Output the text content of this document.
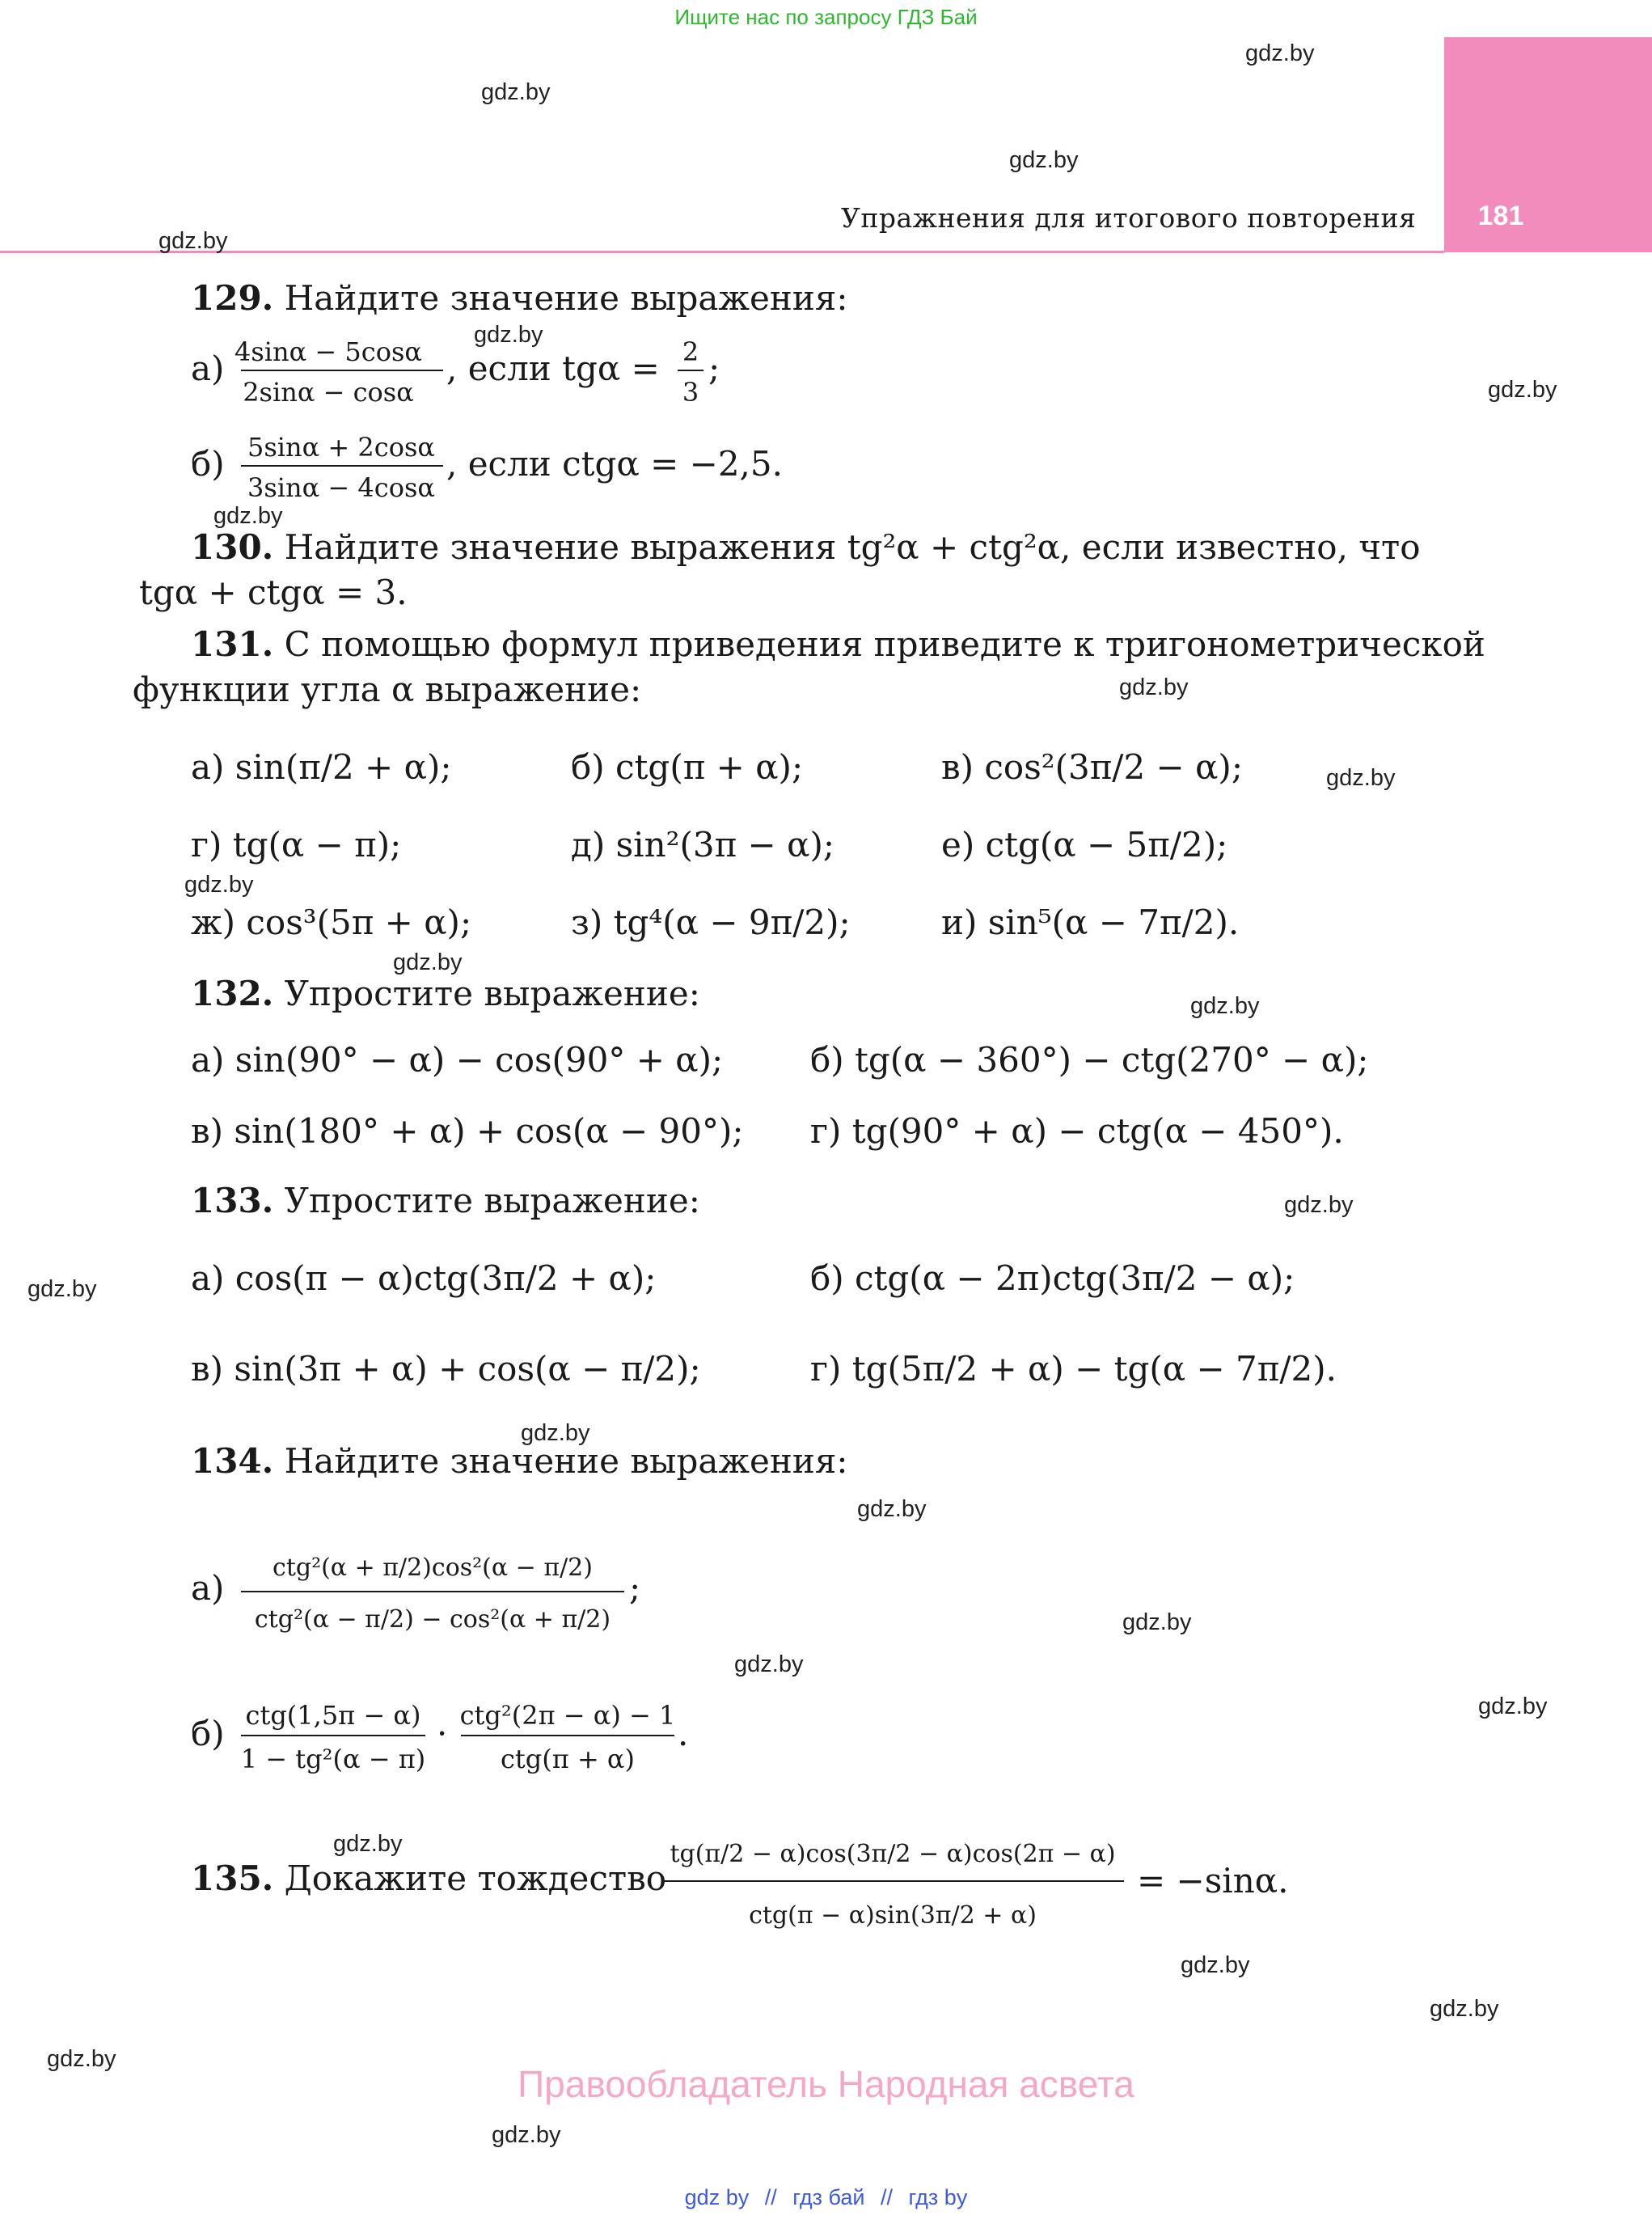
Ищите нас по запросу ГДЗ Бай
181
Упражнения для итогового повторения
gdz.by
gdz.by
gdz.by
gdz.by
gdz.by
gdz.by
gdz.by
gdz.by
gdz.by
gdz.by
gdz.by
gdz.by
gdz.by
gdz.by
gdz.by
gdz.by
gdz.by
gdz.by
gdz.by
gdz.by
gdz.by
gdz.by
gdz.by
gdz.by
129. Найдите значение выражения:
а) 4sinα − 5cosα
2sinα − cosα
, если tgα = 2
3
;
б) 5sinα + 2cosα
3sinα − 4cosα
, если ctgα = −2,5.
130. Найдите значение выражения tg²α + ctg²α, если известно, что
tgα + ctgα = 3.
131. С помощью формул приведения приведите к тригонометрической
функции угла α выражение:
а) sin(π/2 + α);	б) ctg(π + α);	в) cos²(3π/2 − α);
г) tg(α − π);	д) sin²(3π − α);	е) ctg(α − 5π/2);
ж) cos³(5π + α);	з) tg⁴(α − 9π/2);	и) sin⁵(α − 7π/2).
132. Упростите выражение:
а) sin(90° − α) − cos(90° + α);	б) tg(α − 360°) − ctg(270° − α);
в) sin(180° + α) + cos(α − 90°); г) tg(90° + α) − ctg(α − 450°).
133. Упростите выражение:
а) cos(π − α)ctg(3π/2 + α);	б) ctg(α − 2π)ctg(3π/2 − α);
в) sin(3π + α) + cos(α − π/2);	г) tg(5π/2 + α) − tg(α − 7π/2).
134. Найдите значение выражения:
а)
ctg²(α + π/2)cos²(α − π/2)
ctg²(α − π/2) − cos²(α + π/2)
;
б) ctg(1,5π − α)
1 − tg²(α − π)
· ctg²(2π − α) − 1
ctg(π + α)
.
135. Докажите тождество
tg(π/2 − α)cos(3π/2 − α)cos(2π − α)
ctg(π − α)sin(3π/2 + α)
= −sinα.
Правообладатель Народная асвета
gdz by // гдз бай // гдз by
